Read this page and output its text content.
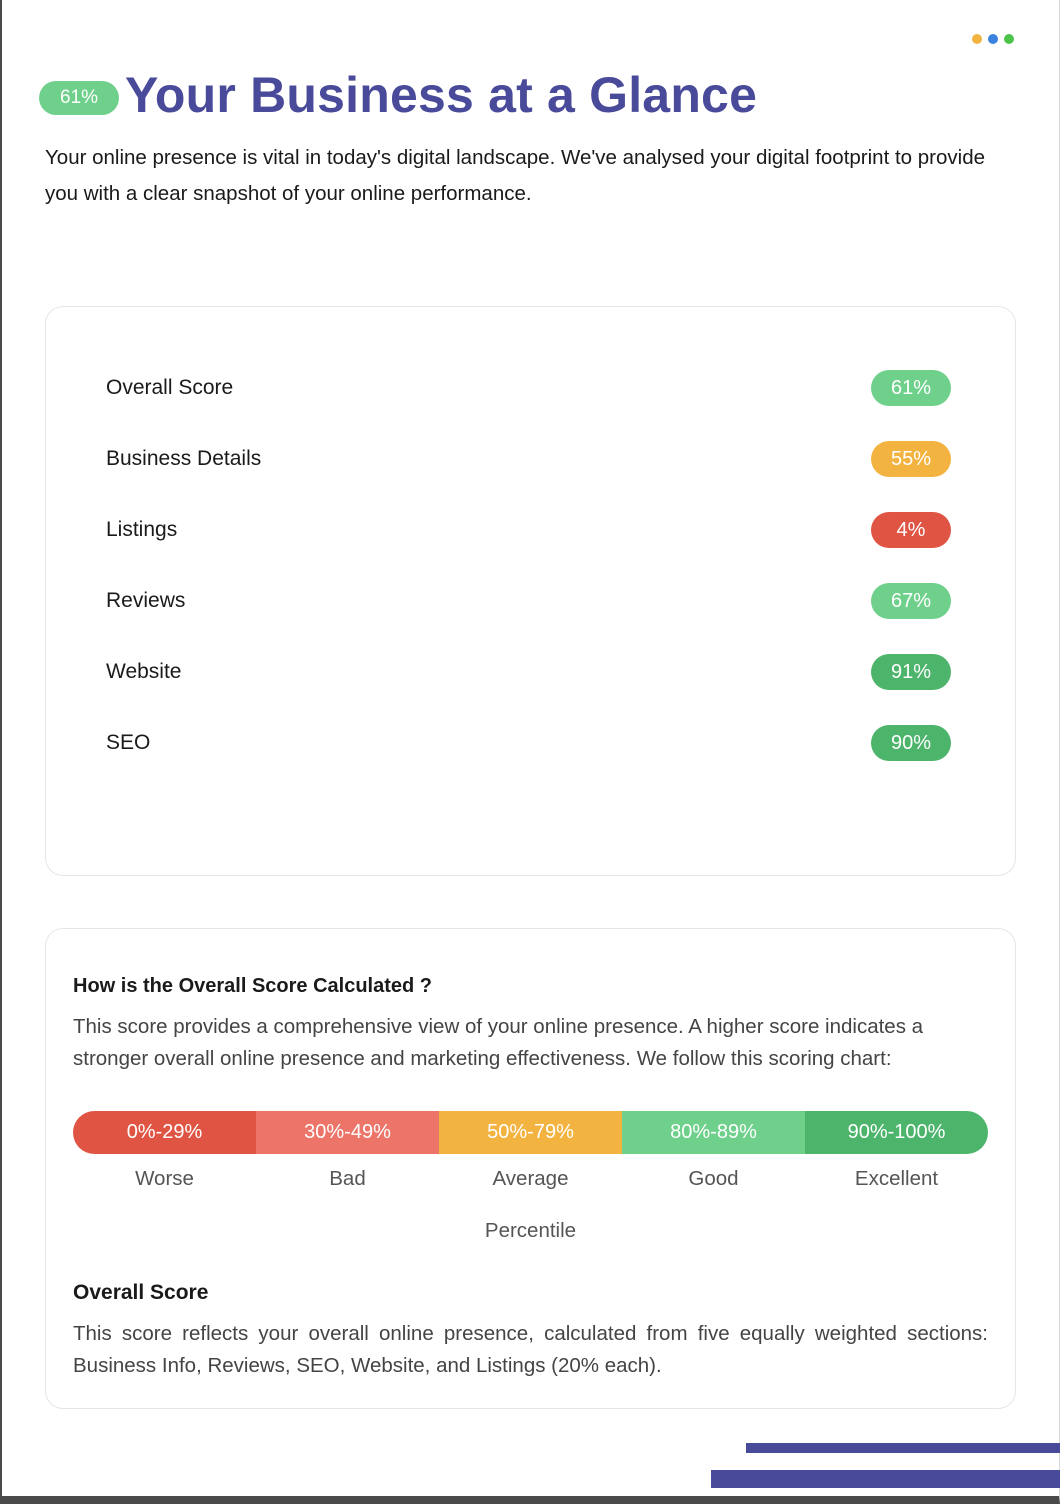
61% Your Business at a Glance

Your online presence is vital in today's digital landscape. We've analysed your digital footprint to provide you with a clear snapshot of your online performance.

Overall Score	61%
Business Details	55%
Listings	4%
Reviews	67%
Website	91%
SEO	90%
How is the Overall Score Calculated ?

This score provides a comprehensive view of your online presence. A higher score indicates a stronger overall online presence and marketing effectiveness. We follow this scoring chart:

0%-29%	30%-49%	50%-79%	80%-89%	90%-100%
Worse	Bad	Average	Good	Excellent

Percentile

Overall Score

This score reflects your overall online presence, calculated from five equally weighted sections: Business Info, Reviews, SEO, Website, and Listings (20% each).
